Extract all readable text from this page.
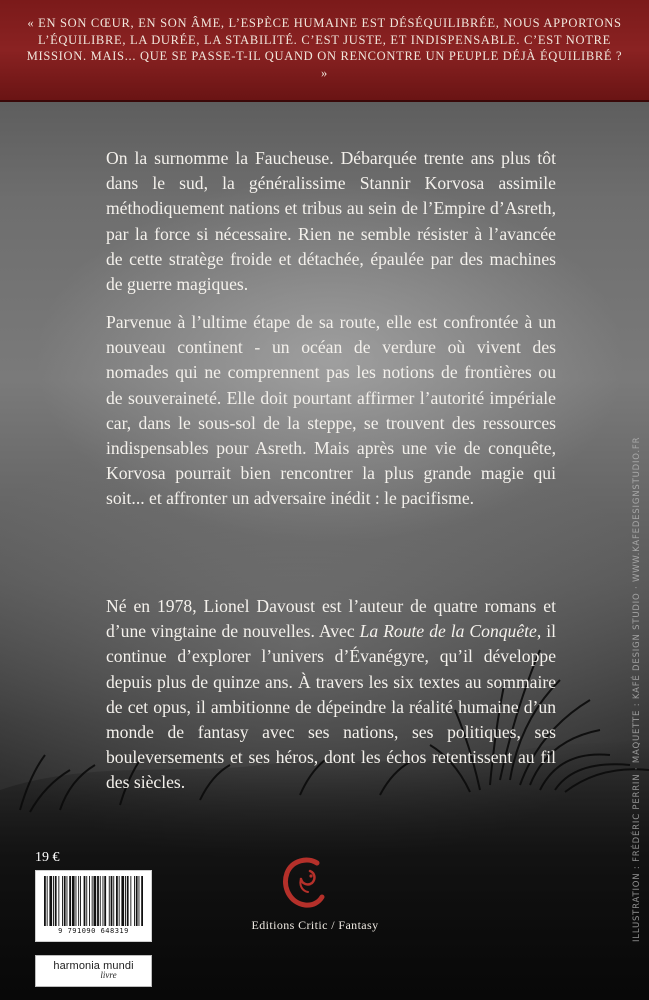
« EN SON CŒUR, EN SON ÂME, L’ESPÈCE HUMAINE EST DÉSÉQUILIBRÉE, NOUS APPORTONS L’ÉQUILIBRE, LA DURÉE, LA STABILITÉ. C’EST JUSTE, ET INDISPENSABLE. C’EST NOTRE MISSION. MAIS... QUE SE PASSE-T-IL QUAND ON RENCONTRE UN PEUPLE DÉJÀ ÉQUILIBRÉ ? »

On la surnomme la Faucheuse. Débarquée trente ans plus tôt dans le sud, la généralissime Stannir Korvosa assimile méthodiquement nations et tribus au sein de l’Empire d’Asreth, par la force si nécessaire. Rien ne semble résister à l’avancée de cette stratège froide et détachée, épaulée par des machines de guerre magiques.

Parvenue à l’ultime étape de sa route, elle est confrontée à un nouveau continent - un océan de verdure où vivent des nomades qui ne comprennent pas les notions de frontières ou de souveraineté. Elle doit pourtant affirmer l’autorité impériale car, dans le sous-sol de la steppe, se trouvent des ressources indispensables pour Asreth. Mais après une vie de conquête, Korvosa pourrait bien rencontrer la plus grande magie qui soit... et affronter un adversaire inédit : le pacifisme.

Né en 1978, Lionel Davoust est l’auteur de quatre romans et d’une vingtaine de nouvelles. Avec La Route de la Conquête, il continue d’explorer l’univers d’Évanégyre, qu’il développe depuis plus de quinze ans. À travers les six textes au sommaire de cet opus, il ambitionne de dépeindre la réalité humaine d’un monde de fantasy avec ses nations, ses politiques, ses bouleversements et ses héros, dont les échos retentissent au fil des siècles.	ILLUSTRATION : FRÉDÉRIC PERRIN · MAQUETTE : KAFÉ DESIGN STUDIO · WWW.KAFEDESIGNSTUDIO.FR
19 €
9 791090 648319
harmonia mundi
livre
Editions Critic / Fantasy
